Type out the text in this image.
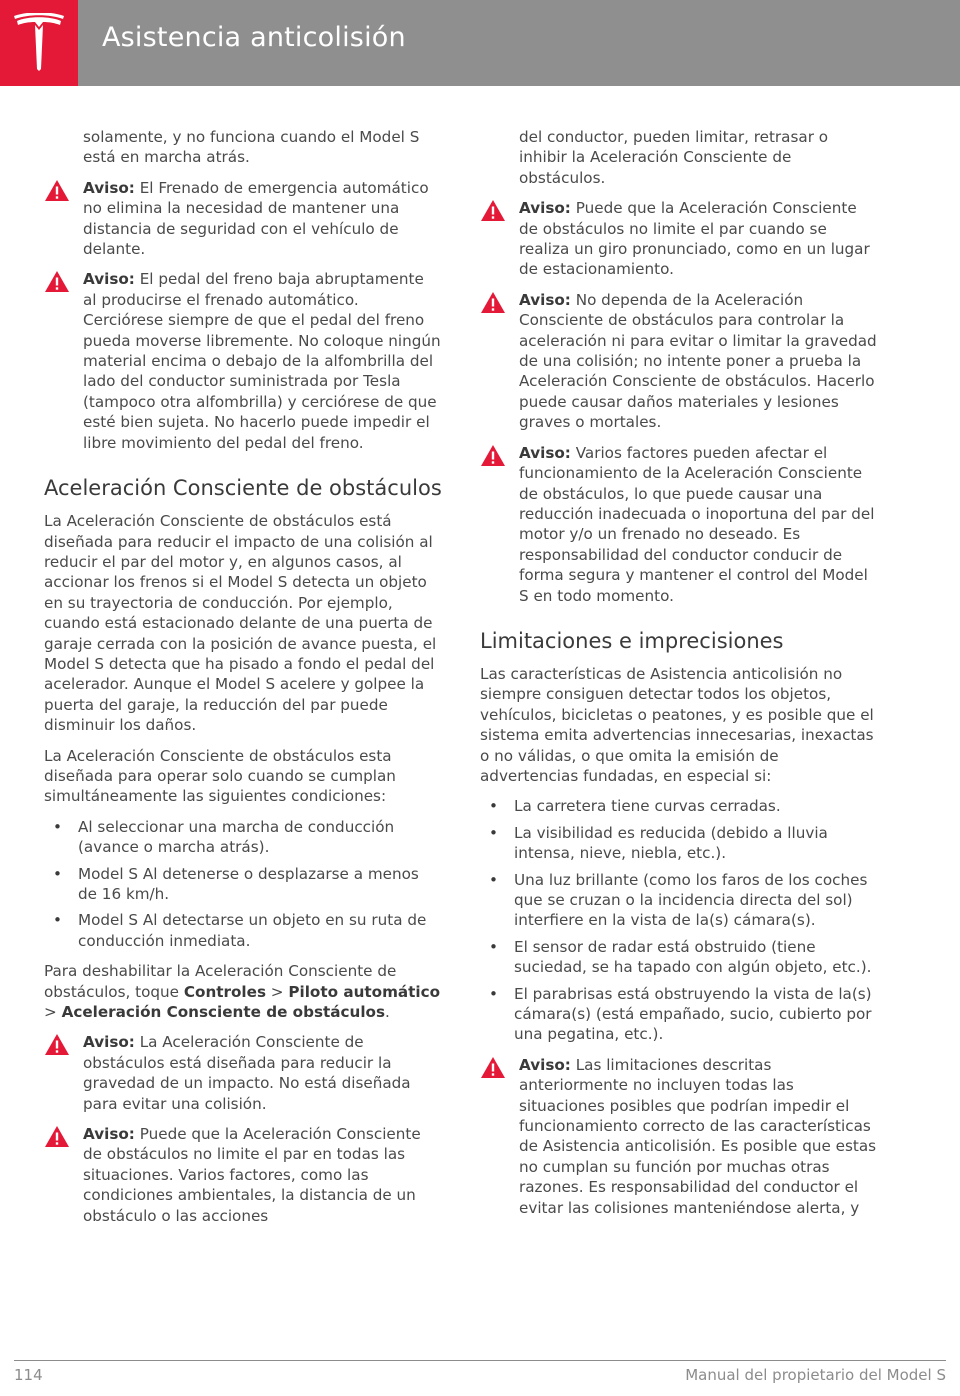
Asistencia anticolisión

solamente, y no funciona cuando el Model S está en marcha atrás.

Aviso: El Frenado de emergencia automático no elimina la necesidad de mantener una distancia de seguridad con el vehículo de delante.
Aviso: El pedal del freno baja abruptamente al producirse el frenado automático. Cerciórese siempre de que el pedal del freno pueda moverse libremente. No coloque ningún material encima o debajo de la alfombrilla del lado del conductor suministrada por Tesla (tampoco otra alfombrilla) y cerciórese de que esté bien sujeta. No hacerlo puede impedir el libre movimiento del pedal del freno.
Aceleración Consciente de obstáculos

La Aceleración Consciente de obstáculos está diseñada para reducir el impacto de una colisión al reducir el par del motor y, en algunos casos, al accionar los frenos si el Model S detecta un objeto en su trayectoria de conducción. Por ejemplo, cuando está estacionado delante de una puerta de garaje cerrada con la posición de avance puesta, el Model S detecta que ha pisado a fondo el pedal del acelerador. Aunque el Model S acelere y golpee la puerta del garaje, la reducción del par puede disminuir los daños.

La Aceleración Consciente de obstáculos esta diseñada para operar solo cuando se cumplan simultáneamente las siguientes condiciones:

• Al seleccionar una marcha de conducción (avance o marcha atrás).
• Model S Al detenerse o desplazarse a menos de 16 km/h.
• Model S Al detectarse un objeto en su ruta de conducción inmediata.

Para deshabilitar la Aceleración Consciente de obstáculos, toque Controles > Piloto automático > Aceleración Consciente de obstáculos.

Aviso: La Aceleración Consciente de obstáculos está diseñada para reducir la gravedad de un impacto. No está diseñada para evitar una colisión.
Aviso: Puede que la Aceleración Consciente de obstáculos no limite el par en todas las situaciones. Varios factores, como las condiciones ambientales, la distancia de un obstáculo o las acciones

del conductor, pueden limitar, retrasar o inhibir la Aceleración Consciente de obstáculos.

Aviso: Puede que la Aceleración Consciente de obstáculos no limite el par cuando se realiza un giro pronunciado, como en un lugar de estacionamiento.
Aviso: No dependa de la Aceleración Consciente de obstáculos para controlar la aceleración ni para evitar o limitar la gravedad de una colisión; no intente poner a prueba la Aceleración Consciente de obstáculos. Hacerlo puede causar daños materiales y lesiones graves o mortales.
Aviso: Varios factores pueden afectar el funcionamiento de la Aceleración Consciente de obstáculos, lo que puede causar una reducción inadecuada o inoportuna del par del motor y/o un frenado no deseado. Es responsabilidad del conductor conducir de forma segura y mantener el control del Model S en todo momento.
Limitaciones e imprecisiones

Las características de Asistencia anticolisión no siempre consiguen detectar todos los objetos, vehículos, bicicletas o peatones, y es posible que el sistema emita advertencias innecesarias, inexactas o no válidas, o que omita la emisión de advertencias fundadas, en especial si:

• La carretera tiene curvas cerradas.
• La visibilidad es reducida (debido a lluvia intensa, nieve, niebla, etc.).
• Una luz brillante (como los faros de los coches que se cruzan o la incidencia directa del sol) interfiere en la vista de la(s) cámara(s).
• El sensor de radar está obstruido (tiene suciedad, se ha tapado con algún objeto, etc.).
• El parabrisas está obstruyendo la vista de la(s) cámara(s) (está empañado, sucio, cubierto por una pegatina, etc.).
Aviso: Las limitaciones descritas anteriormente no incluyen todas las situaciones posibles que podrían impedir el funcionamiento correcto de las características de Asistencia anticolisión. Es posible que estas no cumplan su función por muchas otras razones. Es responsabilidad del conductor el evitar las colisiones manteniéndose alerta, y
114	Manual del propietario del Model S
